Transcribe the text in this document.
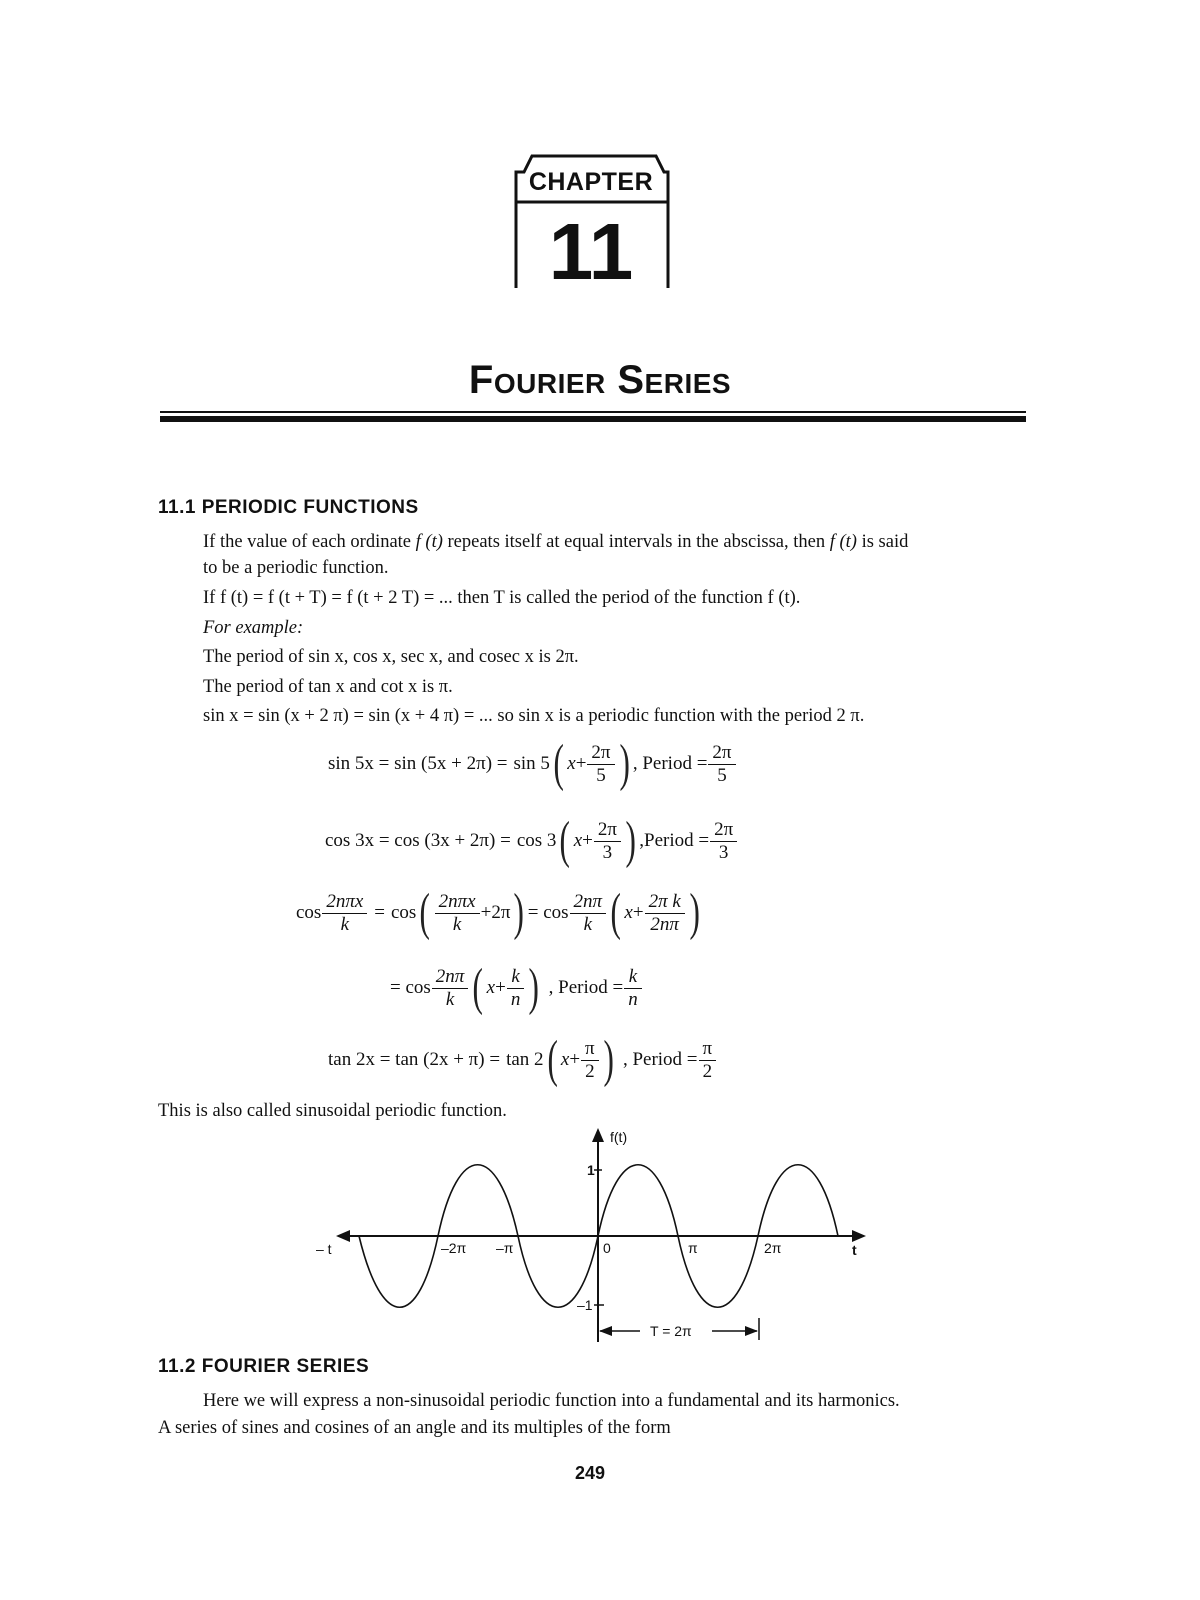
CHAPTER
11
Fourier Series
11.1 PERIODIC FUNCTIONS
If the value of each ordinate f (t) repeats itself at equal intervals in the abscissa, then f (t) is said
to be a periodic function.
If f (t) = f (t + T) = f (t + 2 T) = ... then T is called the period of the function f (t).
For example:
The period of sin x, cos x, sec x, and cosec x is 2π.
The period of tan x and cot x is π.
sin x = sin (x + 2 π) = sin (x + 4 π) = ... so sin x is a periodic function with the period 2 π.
sin 5x = sin (5x + 2π) = sin 5 ( $x + \frac{2\pi}{5}$ ) , Period = $\frac{2\pi}{5}$
cos 3x = cos (3x + 2π) = cos 3 ( $x + \frac{2\pi}{3}$ ) ,Period = $\frac{2\pi}{3}$
$\cos \frac{\text{2nπx}}{k} = \cos$ ( $\frac{\text{2nπx}}{k} +2\pi$ ) = $\cos \frac{2n\pi}{k}$ ( $x + \frac{\text{2π k}}{2n\pi}$ )
= $\cos \frac{2n\pi}{k}$ ( $x + \frac{k}{n}$ ) , Period = $\frac{k}{n}$
tan 2x = tan (2x + π) = tan 2 ( $x + \frac{\pi}{2}$ ) , Period = $\frac{\pi}{2}$
This is also called sinusoidal periodic function.
f(t)
1
–1
– t	t
–2π –π	0	π	2π
T = 2π
11.2 FOURIER SERIES
Here we will express a non-sinusoidal periodic function into a fundamental and its harmonics.
A series of sines and cosines of an angle and its multiples of the form
249
